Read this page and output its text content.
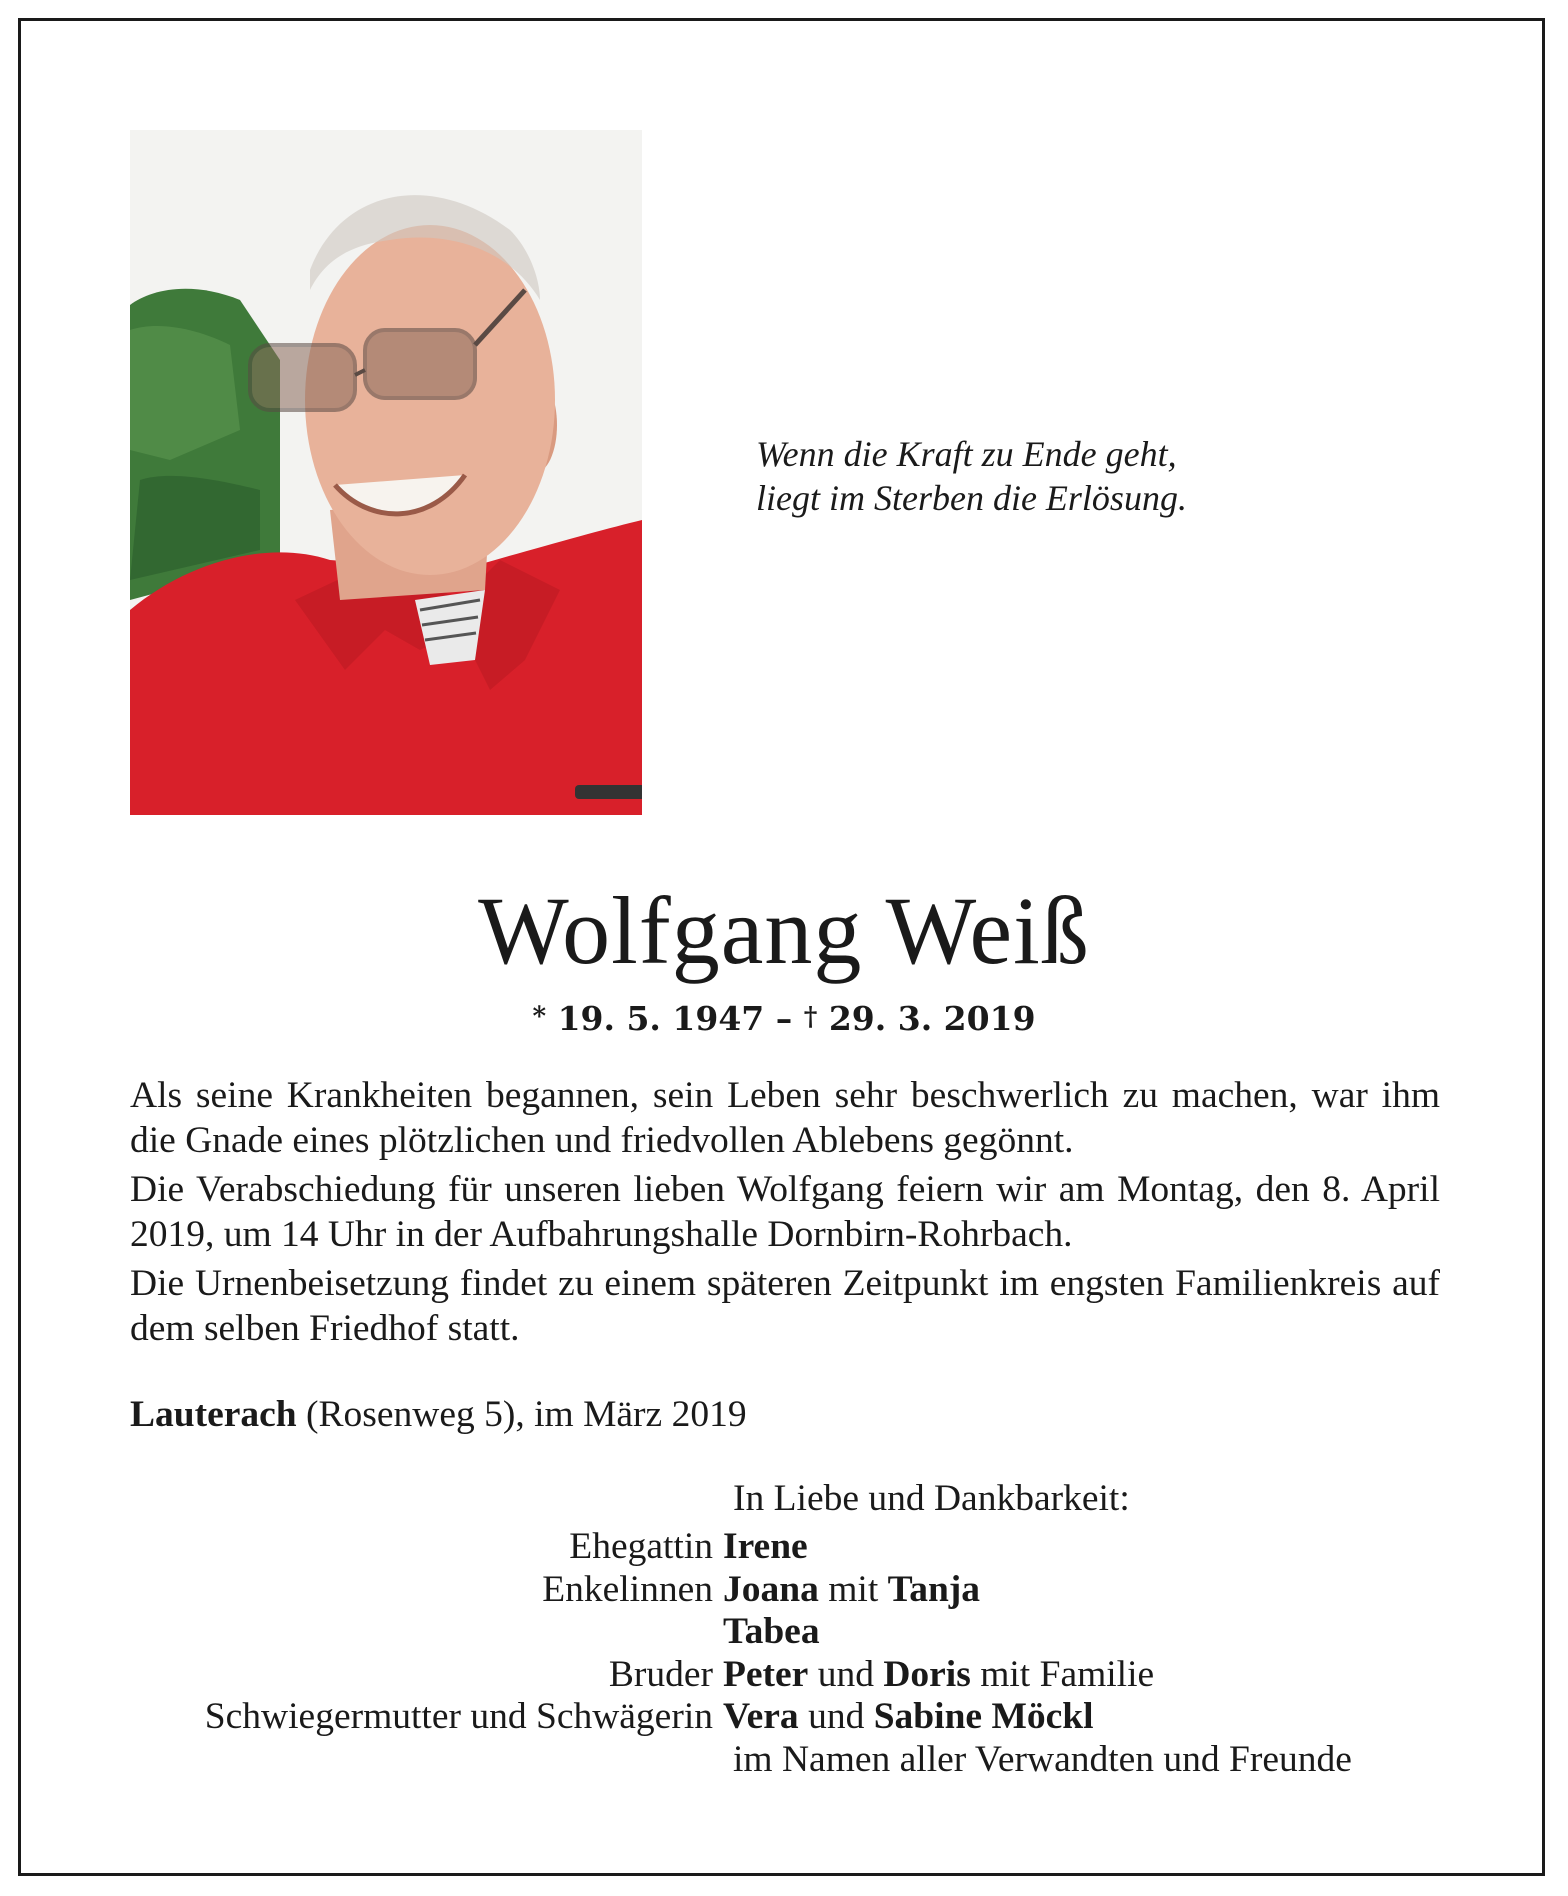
Wenn die Kraft zu Ende geht,
liegt im Sterben die Erlösung.
Wolfgang Weiß
* 19. 5. 1947 – † 29. 3. 2019

Als seine Krankheiten begannen, sein Leben sehr beschwerlich zu machen, war ihm die Gnade eines plötzlichen und friedvollen Ablebens gegönnt.

Die Verabschiedung für unseren lieben Wolfgang feiern wir am Montag, den 8. April 2019, um 14 Uhr in der Aufbahrungshalle Dornbirn-Rohrbach.

Die Urnenbeisetzung findet zu einem späteren Zeitpunkt im engsten Familienkreis auf dem selben Friedhof statt.

Lauterach (Rosenweg 5), im März 2019
In Liebe und Dankbarkeit:
Ehegattin Irene
Enkelinnen Joana mit Tanja
Tabea
Bruder Peter und Doris mit Familie
Schwiegermutter und Schwägerin Vera und Sabine Möckl
im Namen aller Verwandten und Freunde
